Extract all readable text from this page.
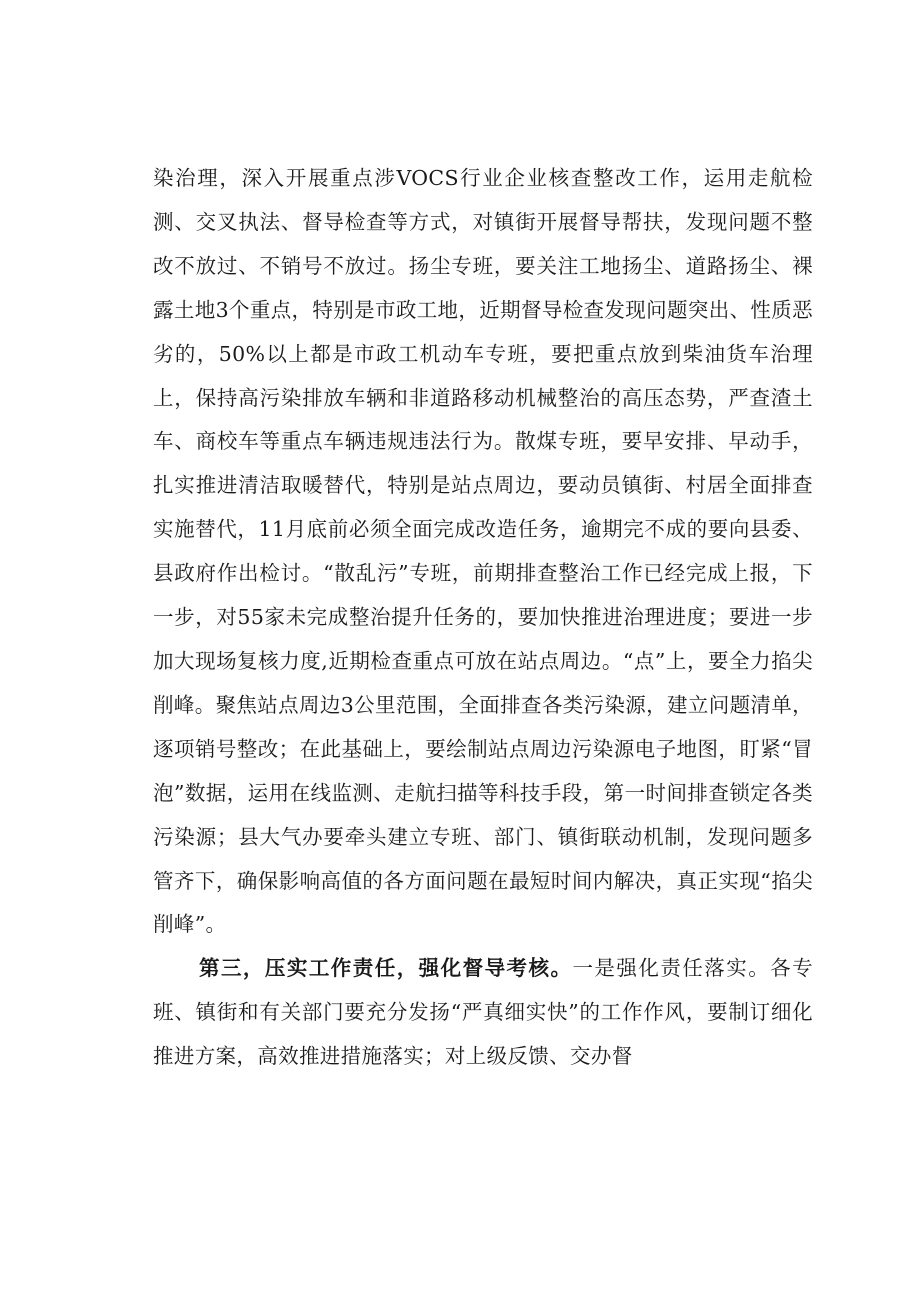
染治理，深入开展重点涉VOCS行业企业核查整改工作，运用走航检测、交叉执法、督导检查等方式，对镇街开展督导帮扶，发现问题不整改不放过、不销号不放过。扬尘专班，要关注工地扬尘、道路扬尘、裸露土地3个重点，特别是市政工地，近期督导检查发现问题突出、性质恶劣的，50%以上都是市政工机动车专班，要把重点放到柴油货车治理上，保持高污染排放车辆和非道路移动机械整治的高压态势，严查渣土车、商校车等重点车辆违规违法行为。散煤专班，要早安排、早动手，扎实推进清洁取暖替代，特别是站点周边，要动员镇街、村居全面排查实施替代，11月底前必须全面完成改造任务，逾期完不成的要向县委、县政府作出检讨。“散乱污”专班，前期排查整治工作已经完成上报，下一步，对55家未完成整治提升任务的，要加快推进治理进度；要进一步加大现场复核力度,近期检查重点可放在站点周边。“点”上，要全力掐尖削峰。聚焦站点周边3公里范围，全面排查各类污染源，建立问题清单，逐项销号整改；在此基础上，要绘制站点周边污染源电子地图，盯紧“冒泡”数据，运用在线监测、走航扫描等科技手段，第一时间排查锁定各类污染源；县大气办要牵头建立专班、部门、镇街联动机制，发现问题多管齐下，确保影响高值的各方面问题在最短时间内解决，真正实现“掐尖削峰”。

第三，压实工作责任，强化督导考核。一是强化责任落实。各专班、镇街和有关部门要充分发扬“严真细实快”的工作作风，要制订细化推进方案，高效推进措施落实；对上级反馈、交办督
